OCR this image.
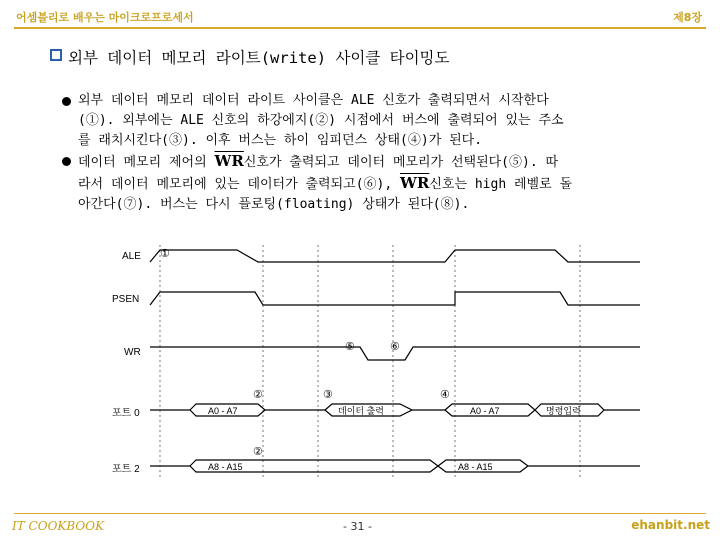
어셈블리로 배우는 마이크로프로세서	제8장
외부 데이터 메모리 라이트(write) 사이클 타이밍도
외부 데이터 메모리 데이터 라이트 사이클은 ALE 신호가 출력되면서 시작한다
(①). 외부에는 ALE 신호의 하강에지(②) 시점에서 버스에 출력되어 있는 주소
를 래치시킨다(③). 이후 버스는 하이 임피던스 상태(④)가 된다.
데이터 메모리 제어의 $\overline{WR}$신호가 출력되고 데이터 메모리가 선택된다(⑤). 따
라서 데이터 메모리에 있는 데이터가 출력되고(⑥), $\overline{WR}$신호는 high 레벨로 돌
아간다(⑦). 버스는 다시 플로팅(floating) 상태가 된다(⑧).
ALE
PSEN
WR
포트 0
포트 2
①
②	③	④
⑤	⑥
②
A0 - A7	데이터 출력	A0 - A7	명령입력
A8 - A15	A8 - A15
IT COOKBOOK	- 31 -	ehanbit.net
